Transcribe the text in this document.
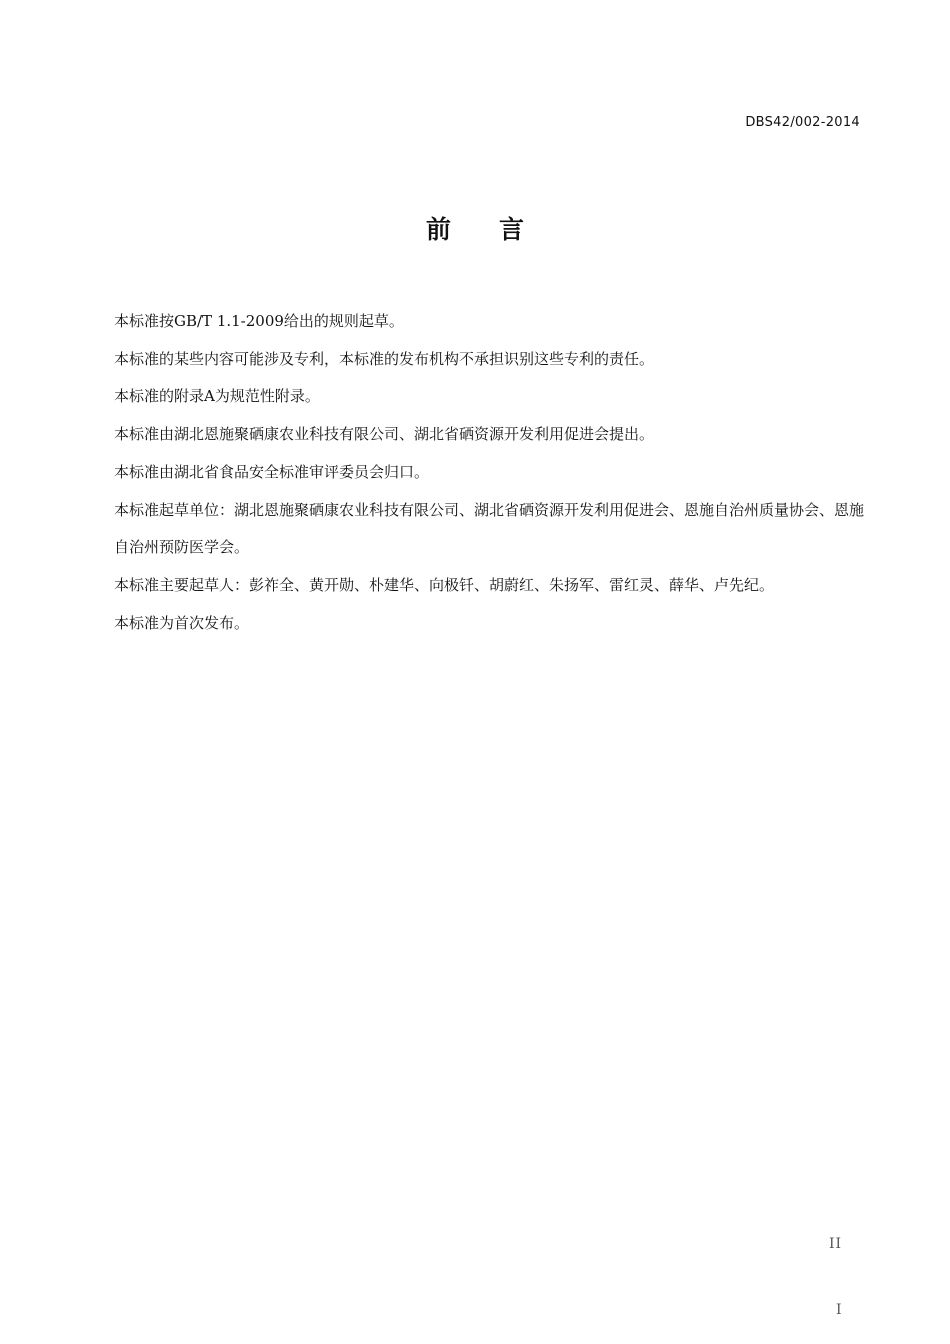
DBS42/002-2014
前言

本标准按GB/T 1.1-2009给出的规则起草。

本标准的某些内容可能涉及专利，本标准的发布机构不承担识别这些专利的责任。

本标准的附录A为规范性附录。

本标准由湖北恩施聚硒康农业科技有限公司、湖北省硒资源开发利用促进会提出。

本标准由湖北省食品安全标准审评委员会归口。

本标准起草单位：湖北恩施聚硒康农业科技有限公司、湖北省硒资源开发利用促进会、恩施自治州质量协会、恩施自治州预防医学会。

本标准主要起草人：彭祚全、黄开勋、朴建华、向极钎、胡蔚红、朱扬军、雷红灵、薛华、卢先纪。

本标准为首次发布。

II
I
